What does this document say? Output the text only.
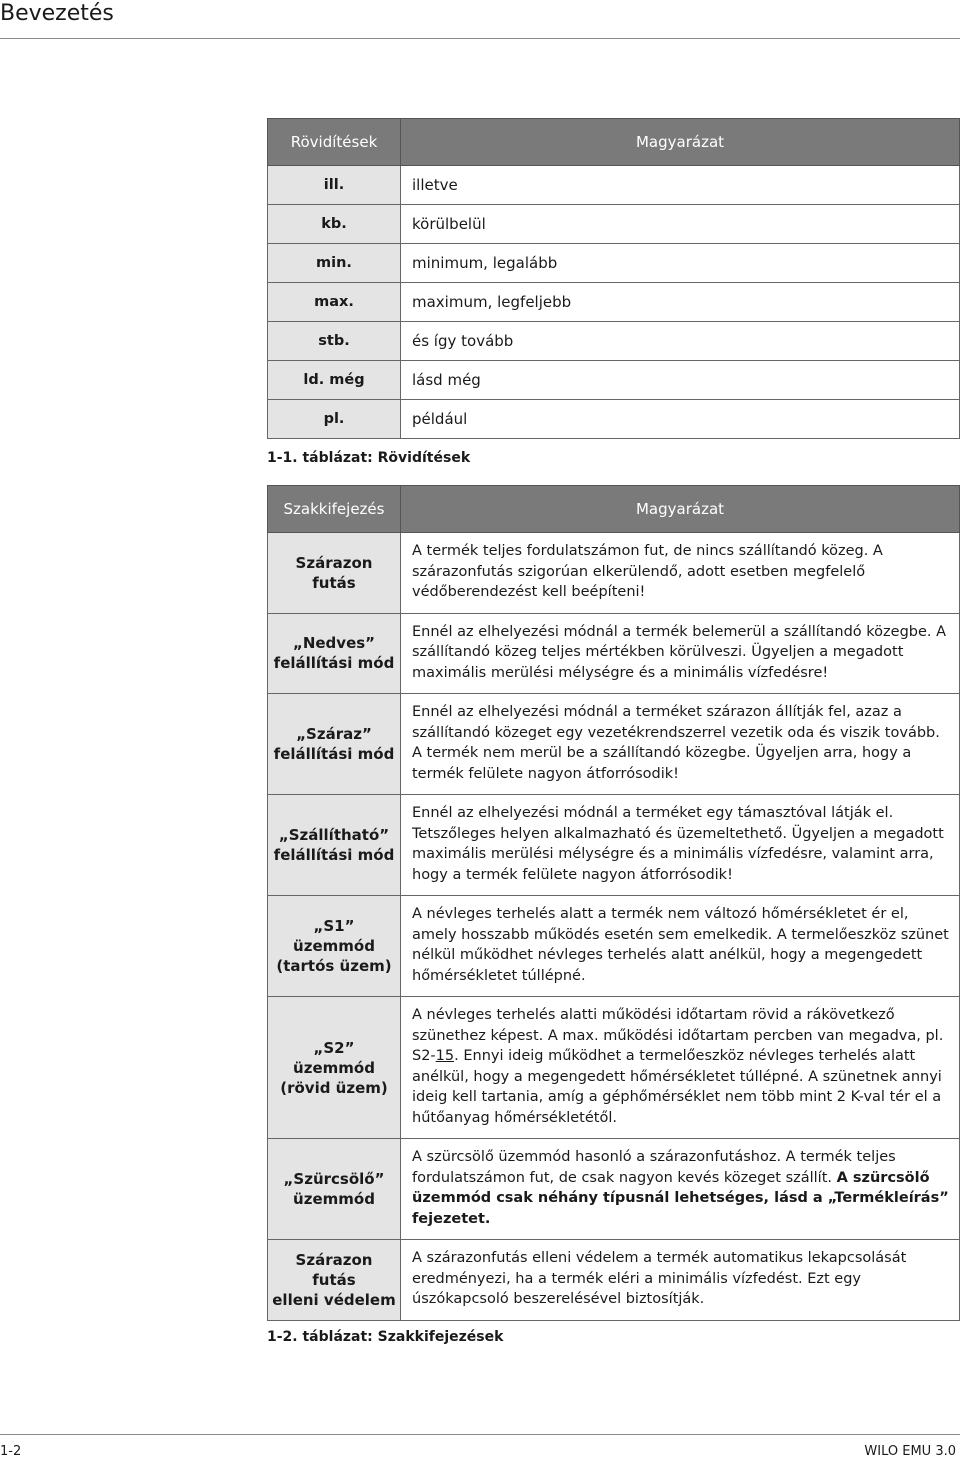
Bevezetés
Rövidítések	Magyarázat
ill.	illetve
kb.	körülbelül
min.	minimum, legalább
max.	maximum, legfeljebb
stb.	és így tovább
ld. még	lásd még
pl.	például
1-1. táblázat: Rövidítések
Szakkifejezés	Magyarázat

Szárazon futás	A termék teljes fordulatszámon fut, de nincs szállítandó közeg. A szárazonfutás szigorúan elkerülendő, adott esetben megfelelő védőberendezést kell beépíteni!

„Nedves”
felállítási mód	Ennél az elhelyezési módnál a termék belemerül a szállítandó közegbe. A szállítandó közeg teljes mértékben körülveszi. Ügyeljen a megadott maximális merülési mélységre és a minimális vízfedésre!

„Száraz”
felállítási mód	Ennél az elhelyezési módnál a terméket szárazon állítják fel, azaz a szállítandó közeget egy vezetékrendszerrel vezetik oda és viszik tovább. A termék nem merül be a szállítandó közegbe. Ügyeljen arra, hogy a termék felülete nagyon átforrósodik!

„Szállítható”
felállítási mód	Ennél az elhelyezési módnál a terméket egy támasztóval látják el. Tetszőleges helyen alkalmazható és üzemeltethető. Ügyeljen a megadott maximális merülési mélységre és a minimális vízfedésre, valamint arra, hogy a termék felülete nagyon átforrósodik!

„S1” üzemmód
(tartós üzem)	A névleges terhelés alatt a termék nem változó hőmérsékletet ér el, amely hosszabb működés esetén sem emelkedik. A termelőeszköz szünet nélkül működhet névleges terhelés alatt anélkül, hogy a megengedett hőmérsékletet túllépné.

„S2” üzemmód
(rövid üzem)	A névleges terhelés alatti működési időtartam rövid a rákövetkező szünethez képest. A max. működési időtartam percben van megadva, pl. S2-15. Ennyi ideig működhet a termelőeszköz névleges terhelés alatt anélkül, hogy a megengedett hőmérsékletet túllépné. A szünetnek annyi ideig kell tartania, amíg a géphőmérséklet nem több mint 2 K-val tér el a hűtőanyag hőmérsékletétől.

„Szürcsölő”
üzemmód	A szürcsölő üzemmód hasonló a szárazonfutáshoz. A termék teljes fordulatszámon fut, de csak nagyon kevés közeget szállít. A szürcsölő üzemmód csak néhány típusnál lehetséges, lásd a „Termékleírás” fejezetet.

Szárazon futás
elleni védelem	A szárazonfutás elleni védelem a termék automatikus lekapcsolását eredményezi, ha a termék eléri a minimális vízfedést. Ezt egy úszókapcsoló beszerelésével biztosítják.
1-2. táblázat: Szakkifejezések
1-2	WILO EMU 3.0
